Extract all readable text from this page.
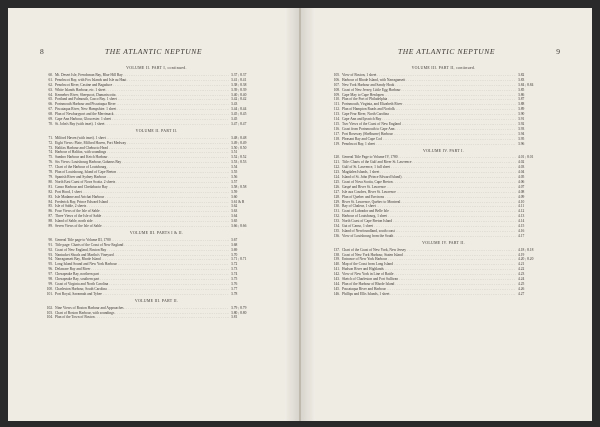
8	THE ATLANTIC NEPTUNE
VOLUME II. PART I, continued.
60. Mt. Desert Isle, Frenchman Bay, Blue Hill Bay . . .	3.37 ; 8.37
61. Penobscot Bay, with Fox Islands and Isle au Haut . . .	3.41 ; 8.41
62. Penobscot River, Castine and Bagaduce . . .	3.38 ; 8.38
63. White Islands Harbour, etc. 1 sheet . . .	3.39 ; 8.39
64. Kennebec River, Sheepscot, Damariscotta . . .	3.40 ; 8.40
65. Portland and Falmouth, Casco Bay. 1 sheet . . .	3.42 ; 8.42
66. Portsmouth Harbour and Piscataqua River . . .	3.43
67. Piscataqua River, New Hampshire. 1 sheet . . .	3.44 ; 8.44
68. Plan of Newburyport and the Merrimack . . .	3.45 ; 8.45
69. Cape Ann Harbour, Gloucester. 1 sheet . . .	3.45
70. St. John's Bay (with inset). 1 sheet . . .	3.47 ; 8.47
VOLUME II. PART II.
71. Milford Haven (with inset). 1 sheet . . .	3.48 ; 8.48
72. Eight Views: Plate, Milford Haven, Port Medway . . .	3.49 ; 8.49
73. Halifax Harbour and Chebucto Head . . .	3.50 ; 8.50
74. Harbour of Halifax, with soundings . . .	3.51
75. Sambro Harbour and Ketch Harbour . . .	3.52 ; 8.52
76. Six Views: Louisbourg Harbour, Gabarus Bay . . .	3.53 ; 8.53
77. Chart of the Harbour of Louisbourg . . .	3.54
78. Plan of Louisbourg, Island of Cape Breton . . .	3.55
79. Spanish River and Sydney Harbour . . .	3.56
80. North East Coast of Nova Scotia. 2 sheets . . .	3.57
81. Canso Harbour and Chedabucto Bay . . .	3.58 ; 8.58
82. Port Hood, 1 sheet . . .	3.59
83. Isle Madame and Arichat Harbour . . .	3.60
84. Frederick Bay, Prince Edward Island . . .	3.61 & B
85. Isle of Sable, 2 sheets . . .	3.62
86. Four Views of the Isle of Sable . . .	3.63
87. Three Views of the Isle of Sable . . .	3.64
88. Island of Sable, north side . . .	3.65
89. Seven Views of the Isle of Sable . . .	3.66 ; 8.66
VOLUME III. PARTS I & II.
90. General Title page to Volume III, 1780 . . .	3.67
91. Title page: Charts of the Coast of New England . . .	3.68
92. Coast of New England, Boston Bay . . .	3.69
93. Nantucket Shoals and Martha's Vineyard . . .	3.70
94. Narragansett Bay, Rhode Island . . .	3.71 ; 8.71
95. Long Island Sound and New York Harbour . . .	3.72
96. Delaware Bay and River . . .	3.73
97. Chesapeake Bay, northern part . . .	3.74
98. Chesapeake Bay, southern part . . .	3.75
99. Coast of Virginia and North Carolina . . .	3.76
100. Charleston Harbour, South Carolina . . .	3.77
101. Port Royal, Savannah and Tybee . . .	3.78
VOLUME III. PART II.
102. Nine Views of Boston Harbour and Approaches . . .	3.79 ; 8.79
103. Chart of Boston Harbour, with soundings . . .	3.80 ; 8.80
104. Plan of the Town of Boston . . .	3.81
THE ATLANTIC NEPTUNE	9
VOLUME III. PART II, continued.
105. View of Boston, 1 sheet . . .	3.82
106. Harbour of Rhode Island, with Narragansett . . .	3.83
107. New York Harbour and Sandy Hook . . .	3.84 ; 8.84
108. Coast of New Jersey, Little Egg Harbour . . .	3.85
109. Cape May to Cape Henlopen . . .	3.86
110. Plan of the Port of Philadelphia . . .	3.87
111. Portsmouth, Virginia, and Elizabeth River . . .	3.88
112. Plan of Hampton Roads and Norfolk . . .	3.89
113. Cape Fear River, North Carolina . . .	3.90
114. Cape Ann and Ipswich Bay . . .	3.91
115. Two Views of the Coast of New England . . .	3.92
116. Coast from Portsmouth to Cape Ann . . .	3.93
117. Port Roseway (Shelburne) Harbour . . .	3.94
118. Pleasant Bay and Cape Cod . . .	3.95
119. Penobscot Bay, 1 sheet . . .	3.96
VOLUME IV. PART I.
120. General Title Page to Volume IV, 1780 . . .	4.01 ; 8.01
121. Title: Charts of the Gulf and River St. Lawrence . . .	4.02
122. Gulf of St. Lawrence, 1 full sheet . . .	4.03
123. Magdalen Islands, 1 sheet . . .	4.04
124. Island of St. John (Prince Edward Island) . . .	4.05
125. Coast of Nova Scotia, Cape Breton . . .	4.06
126. Gaspé and River St. Lawrence . . .	4.07
127. Isle aux Coudres, River St. Lawrence . . .	4.08
128. Plan of Quebec and Environs . . .	4.09
129. River St. Lawrence, Quebec to Montreal . . .	4.10
130. Bay of Chaleur, 1 sheet . . .	4.11
131. Coast of Labrador and Belle Isle . . .	4.12
132. Harbour of Louisbourg, 1 sheet . . .	4.13
133. North Coast of Cape Breton Island . . .	4.14
134. Gut of Canso, 1 sheet . . .	4.15
135. Island of Newfoundland, south coast . . .	4.16
136. View of Louisbourg from the South . . .	4.17
VOLUME IV. PART II.
137. Chart of the Coast of New York, New Jersey . . .	4.18 ; 8.18
138. Coast of New York Harbour, Staten Island . . .	4.19
139. Entrance of New York Harbour . . .	4.20 ; 8.20
140. Map of the Coast from Long Island . . .	4.21
141. Hudson River and Highlands . . .	4.22
142. View of New York in Line of Battle . . .	4.23
143. Sketch of Charleston and Fort Sullivan . . .	4.24
144. Plan of the Harbour of Rhode Island . . .	4.25
145. Pascataqua River and Harbour . . .	4.26
146. Phillips and Ellis Islands, 1 sheet . . .	4.27
